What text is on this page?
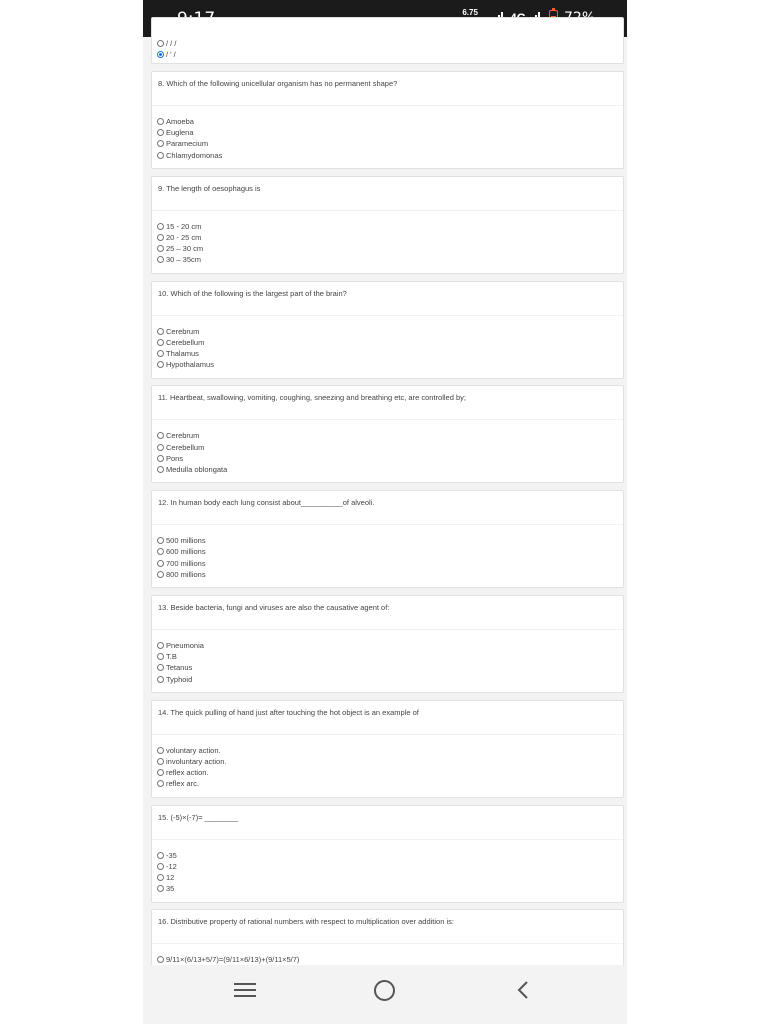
6.75
/ / /
/ ' /
8. Which of the following unicellular organism has no permanent shape?
Amoeba
Euglena
Paramecium
Chlamydomonas
9. The length of oesophagus is
15 - 20 cm
20 - 25 cm
25 – 30 cm
30 – 35cm
10. Which of the following is the largest part of the brain?
Cerebrum
Cerebellum
Thalamus
Hypothalamus
11. Heartbeat, swallowing, vomiting, coughing, sneezing and breathing etc, are controlled by;
Cerebrum
Cerebellum
Pons
Medulla oblongata
12. In human body each lung consist about__________of alveoli.
500 millions
600 millions
700 millions
800 millions
13. Beside bacteria, fungi and viruses are also the causative agent of:
Pneumonia
T.B
Tetanus
Typhoid
14. The quick pulling of hand just after touching the hot object is an example of
voluntary action.
involuntary action.
reflex action.
reflex arc.
15. (-5)×(-7)= ________
-35
-12
12
35
16. Distributive property of rational numbers with respect to multiplication over addition is:
9/11×(6/13+5/7)=(9/11×6/13)+(9/11×5/7)
